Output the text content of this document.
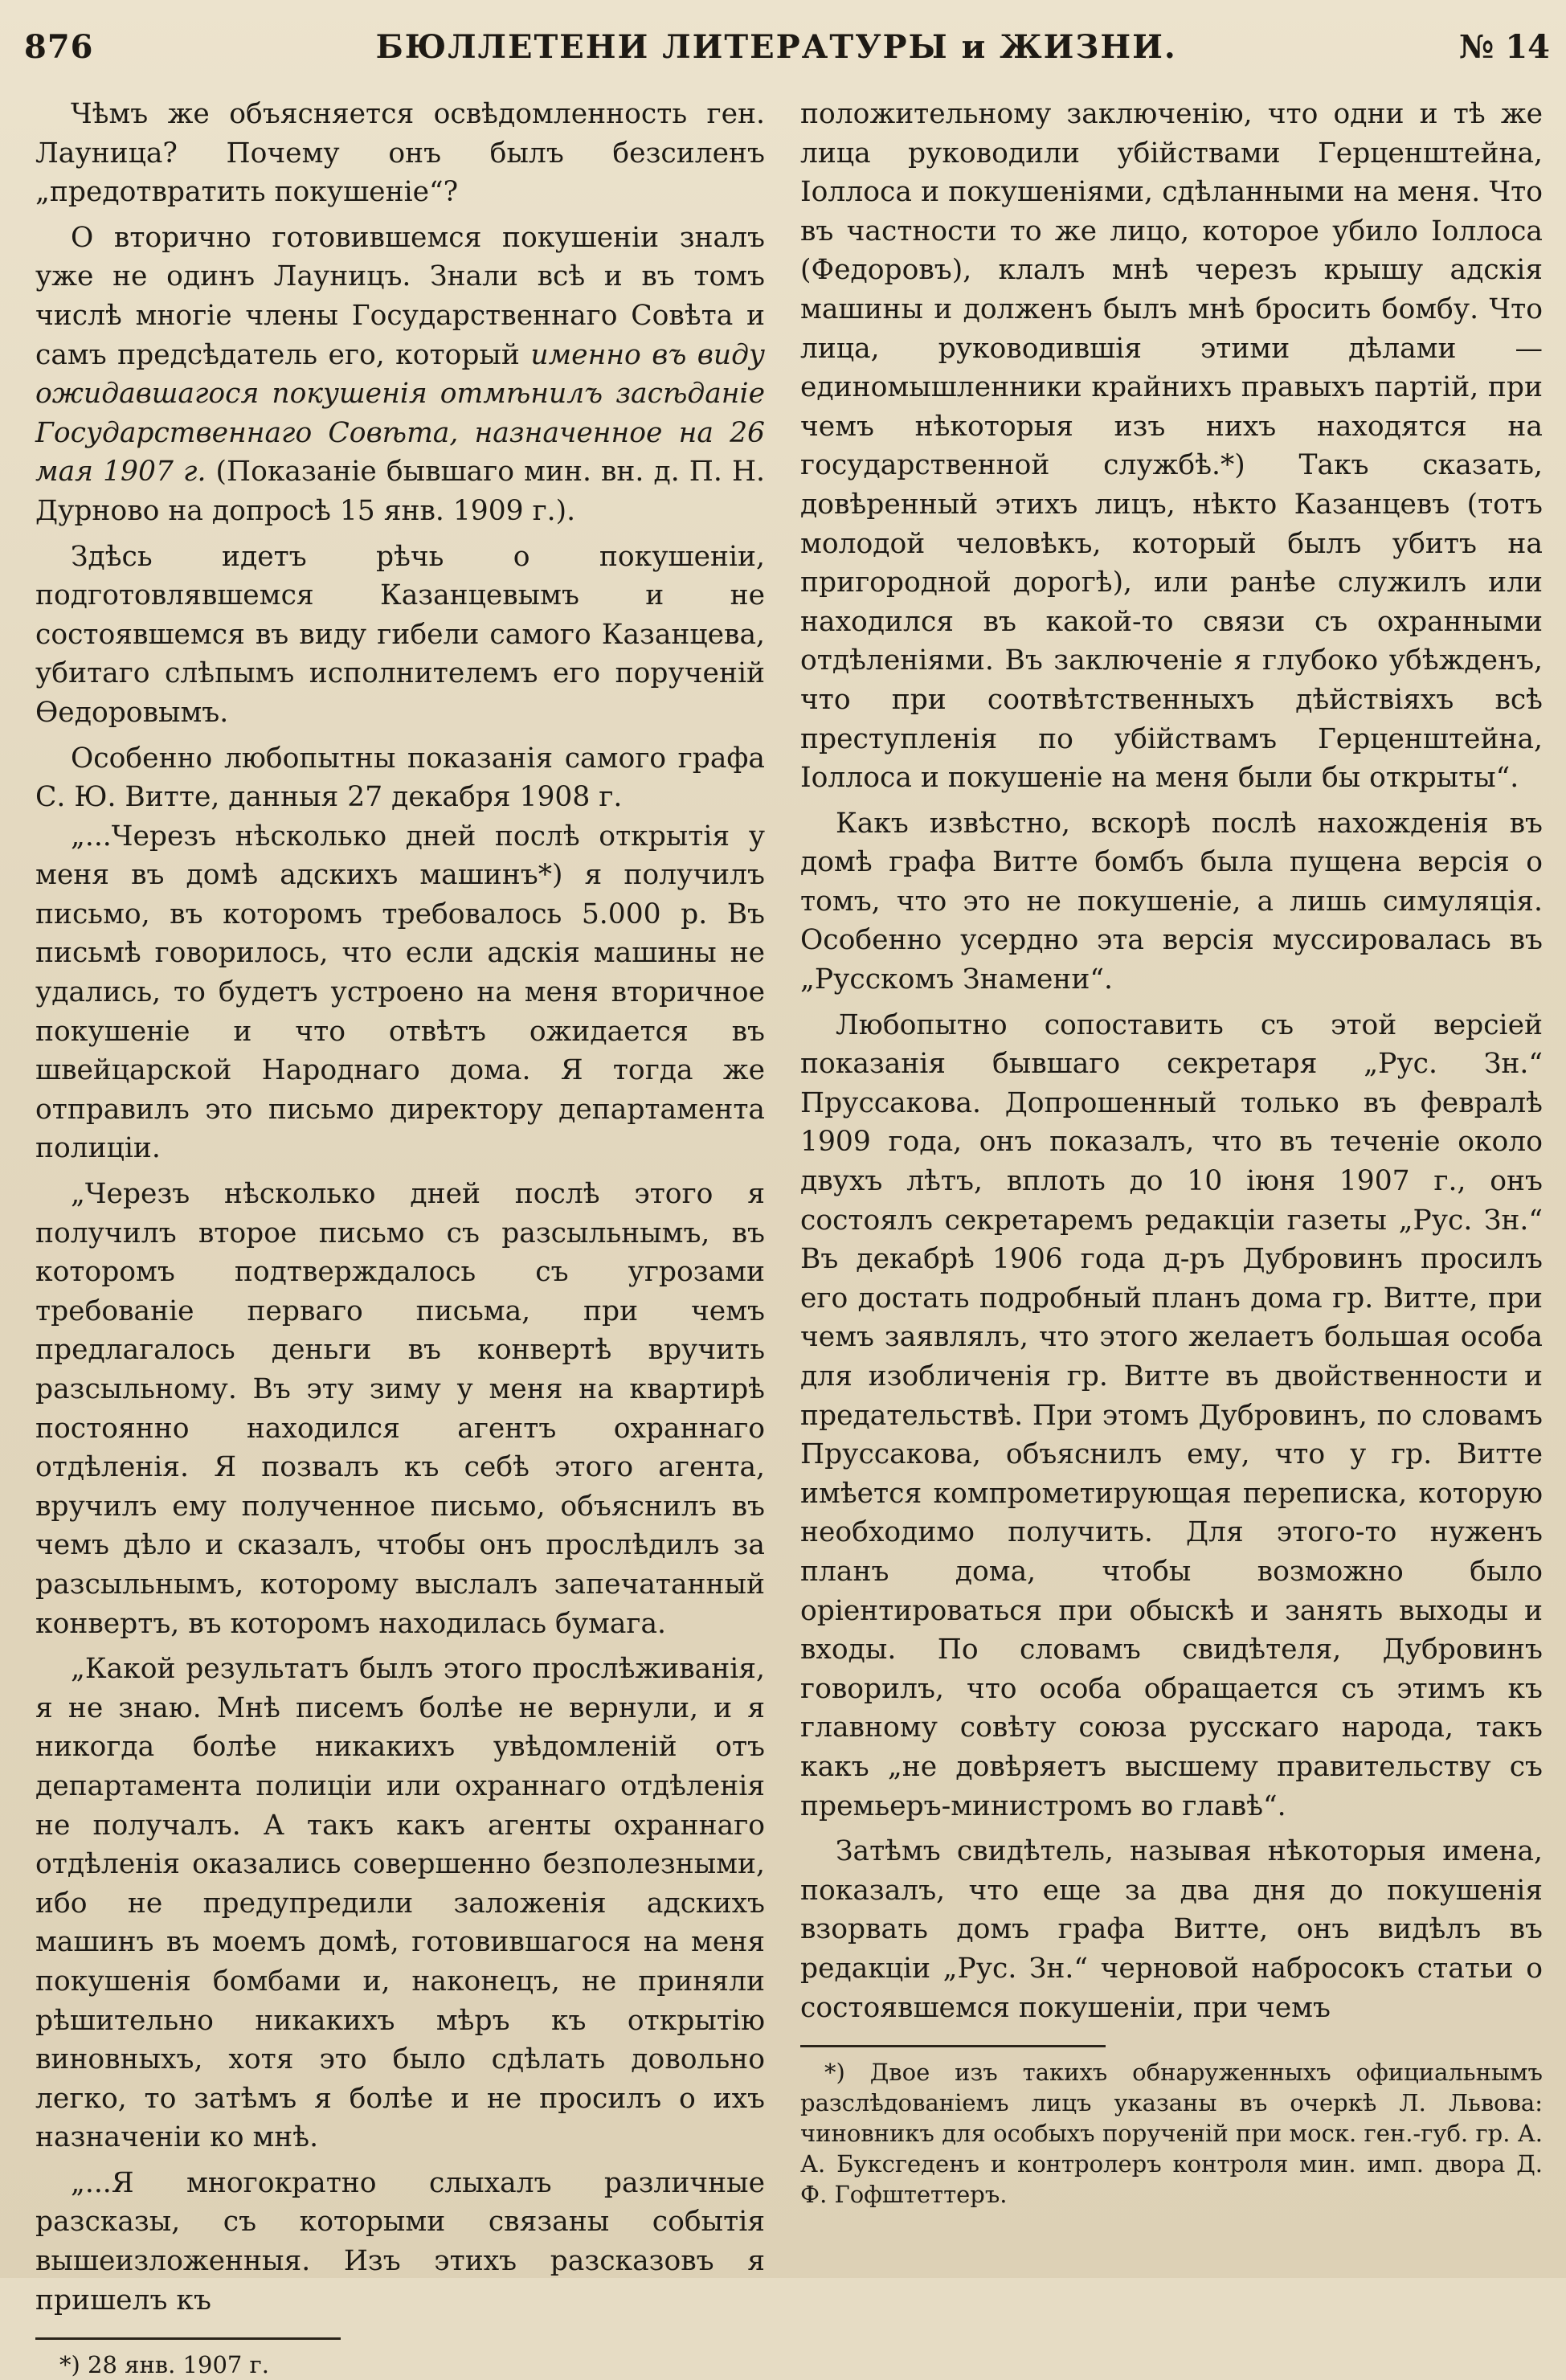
876	БЮЛЛЕТЕНИ ЛИТЕРАТУРЫ и ЖИЗНИ.	№ 14

Чѣмъ же объясняется освѣдомленность ген. Лауница? Почему онъ былъ безсиленъ „предотвратить покушеніе“?

О вторично готовившемся покушеніи зналъ уже не одинъ Лауницъ. Знали всѣ и въ томъ числѣ многіе члены Государственнаго Совѣта и самъ предсѣдатель его, который именно въ виду ожидавшагося покушенія отмѣнилъ засѣданіе Государственнаго Совѣта, назначенное на 26 мая 1907 г. (Показаніе бывшаго мин. вн. д. П. Н. Дурново на допросѣ 15 янв. 1909 г.).

Здѣсь идетъ рѣчь о покушеніи, подготовлявшемся Казанцевымъ и не состоявшемся въ виду гибели самого Казанцева, убитаго слѣпымъ исполнителемъ его порученій Ѳедоровымъ.

Особенно любопытны показанія самого графа С. Ю. Витте, данныя 27 декабря 1908 г.

„...Черезъ нѣсколько дней послѣ открытія у меня въ домѣ адскихъ машинъ*) я получилъ письмо, въ которомъ требовалось 5.000 р. Въ письмѣ говорилось, что если адскія машины не удались, то будетъ устроено на меня вторичное покушеніе и что отвѣтъ ожидается въ швейцарской Народнаго дома. Я тогда же отправилъ это письмо директору департамента полиціи.

„Черезъ нѣсколько дней послѣ этого я получилъ второе письмо съ разсыльнымъ, въ которомъ подтверждалось съ угрозами требованіе перваго письма, при чемъ предлагалось деньги въ конвертѣ вручить разсыльному. Въ эту зиму у меня на квартирѣ постоянно находился агентъ охраннаго отдѣленія. Я позвалъ къ себѣ этого агента, вручилъ ему полученное письмо, объяснилъ въ чемъ дѣло и сказалъ, чтобы онъ прослѣдилъ за разсыльнымъ, которому выслалъ запечатанный конвертъ, въ которомъ находилась бумага.

„Какой результатъ былъ этого прослѣживанія, я не знаю. Мнѣ писемъ болѣе не вернули, и я никогда болѣе никакихъ увѣдомленій отъ департамента полиціи или охраннаго отдѣленія не получалъ. А такъ какъ агенты охраннаго отдѣленія оказались совершенно безполезными, ибо не предупредили заложенія адскихъ машинъ въ моемъ домѣ, готовившагося на меня покушенія бомбами и, наконецъ, не приняли рѣшительно никакихъ мѣръ къ открытію виновныхъ, хотя это было сдѣлать довольно легко, то затѣмъ я болѣе и не просилъ о ихъ назначеніи ко мнѣ.

„...Я многократно слыхалъ различные разсказы, съ которыми связаны событія вышеизложенныя. Изъ этихъ разсказовъ я пришелъ къ

*) 28 янв. 1907 г.

положительному заключенію, что одни и тѣ же лица руководили убійствами Герценштейна, Іоллоса и покушеніями, сдѣланными на меня. Что въ частности то же лицо, которое убило Іоллоса (Федоровъ), клалъ мнѣ черезъ крышу адскія машины и долженъ былъ мнѣ бросить бомбу. Что лица, руководившія этими дѣлами — единомышленники крайнихъ правыхъ партій, при чемъ нѣкоторыя изъ нихъ находятся на государственной службѣ.*) Такъ сказать, довѣренный этихъ лицъ, нѣкто Казанцевъ (тотъ молодой человѣкъ, который былъ убитъ на пригородной дорогѣ), или ранѣе служилъ или находился въ какой-то связи съ охранными отдѣленіями. Въ заключеніе я глубоко убѣжденъ, что при соотвѣтственныхъ дѣйствіяхъ всѣ преступленія по убійствамъ Герценштейна, Іоллоса и покушеніе на меня были бы открыты“.

Какъ извѣстно, вскорѣ послѣ нахожденія въ домѣ графа Витте бомбъ была пущена версія о томъ, что это не покушеніе, а лишь симуляція. Особенно усердно эта версія муссировалась въ „Русскомъ Знамени“.

Любопытно сопоставить съ этой версіей показанія бывшаго секретаря „Рус. Зн.“ Пруссакова. Допрошенный только въ февралѣ 1909 года, онъ показалъ, что въ теченіе около двухъ лѣтъ, вплоть до 10 іюня 1907 г., онъ состоялъ секретаремъ редакціи газеты „Рус. Зн.“ Въ декабрѣ 1906 года д-ръ Дубровинъ просилъ его достать подробный планъ дома гр. Витте, при чемъ заявлялъ, что этого желаетъ большая особа для изобличенія гр. Витте въ двойственности и предательствѣ. При этомъ Дубровинъ, по словамъ Пруссакова, объяснилъ ему, что у гр. Витте имѣется компрометирующая переписка, которую необходимо получить. Для этого-то нуженъ планъ дома, чтобы возможно было оріентироваться при обыскѣ и занять выходы и входы. По словамъ свидѣтеля, Дубровинъ говорилъ, что особа обращается съ этимъ къ главному совѣту союза русскаго народа, такъ какъ „не довѣряетъ высшему правительству съ премьеръ-министромъ во главѣ“.

Затѣмъ свидѣтель, называя нѣкоторыя имена, показалъ, что еще за два дня до покушенія взорвать домъ графа Витте, онъ видѣлъ въ редакціи „Рус. Зн.“ черновой набросокъ статьи о состоявшемся покушеніи, при чемъ

*) Двое изъ такихъ обнаруженныхъ официальнымъ разслѣдованіемъ лицъ указаны въ очеркѣ Л. Львова: чиновникъ для особыхъ порученій при моск. ген.-губ. гр. А. А. Буксгеденъ и контролеръ контроля мин. имп. двора Д. Ф. Гофштеттеръ.
